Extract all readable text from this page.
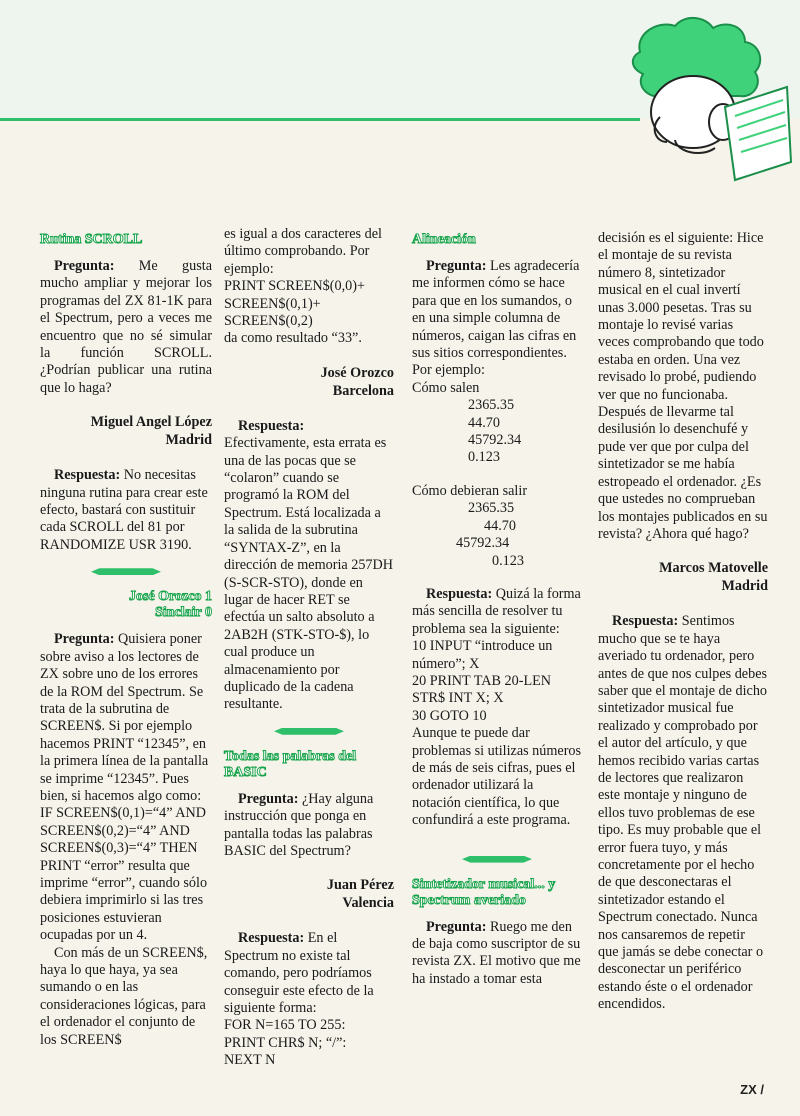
Rutina SCROLL

Pregunta: Me gusta mucho ampliar y mejorar los programas del ZX 81-1K para el Spectrum, pero a veces me encuentro que no sé simular la función SCROLL. ¿Podrían publicar una rutina que lo haga?

Miguel Angel López
Madrid

Respuesta: No necesitas ninguna rutina para crear este efecto, bastará con sustituir cada SCROLL del 81 por RANDOMIZE USR 3190.

José Orozco 1
Sinclair 0

Pregunta: Quisiera poner sobre aviso a los lectores de ZX sobre uno de los errores de la ROM del Spectrum. Se trata de la subrutina de SCREEN$. Si por ejemplo hacemos PRINT “12345”, en la primera línea de la pantalla se imprime “12345”. Pues bien, si hacemos algo como: IF SCREEN$(0,1)=“4” AND SCREEN$(0,2)=“4” AND SCREEN$(0,3)=“4” THEN PRINT “error” resulta que imprime “error”, cuando sólo debiera imprimirlo si las tres posiciones estuvieran ocupadas por un 4.

Con más de un SCREEN$, haya lo que haya, ya sea sumando o en las consideraciones lógicas, para el ordenador el conjunto de los SCREEN$

es igual a dos caracteres del último comprobando. Por ejemplo:

PRINT SCREEN$(0,0)+
SCREEN$(0,1)+
SCREEN$(0,2)

da como resultado “33”.

José Orozco
Barcelona

Respuesta:

Efectivamente, esta errata es una de las pocas que se “colaron” cuando se programó la ROM del Spectrum. Está localizada a la salida de la subrutina “SYNTAX-Z”, en la dirección de memoria 257DH (S-SCR-STO), donde en lugar de hacer RET se efectúa un salto absoluto a 2AB2H (STK-STO-$), lo cual produce un almacenamiento por duplicado de la cadena resultante.

Todas las palabras del BASIC

Pregunta: ¿Hay alguna instrucción que ponga en pantalla todas las palabras BASIC del Spectrum?

Juan Pérez
Valencia

Respuesta: En el Spectrum no existe tal comando, pero podríamos conseguir este efecto de la siguiente forma:

FOR N=165 TO 255:
PRINT CHR$ N; “/”:
NEXT N

Alineación

Pregunta: Les agradecería me informen cómo se hace para que en los sumandos, o en una simple columna de números, caigan las cifras en sus sitios correspondientes. Por ejemplo:

Cómo salen

2365.35
44.70
45792.34
0.123

Cómo debieran salir

2365.35
44.70
45792.34
0.123

Respuesta: Quizá la forma más sencilla de resolver tu problema sea la siguiente:

10 INPUT “introduce un
número”; X
20 PRINT TAB 20-LEN
STR$ INT X; X
30 GOTO 10

Aunque te puede dar problemas si utilizas números de más de seis cifras, pues el ordenador utilizará la notación científica, lo que confundirá a este programa.

Sintetizador musical... y Spectrum averiado

Pregunta: Ruego me den de baja como suscriptor de su revista ZX. El motivo que me ha instado a tomar esta

decisión es el siguiente: Hice el montaje de su revista número 8, sintetizador musical en el cual invertí unas 3.000 pesetas. Tras su montaje lo revisé varias veces comprobando que todo estaba en orden. Una vez revisado lo probé, pudiendo ver que no funcionaba. Después de llevarme tal desilusión lo desenchufé y pude ver que por culpa del sintetizador se me había estropeado el ordenador. ¿Es que ustedes no comprueban los montajes publicados en su revista? ¿Ahora qué hago?

Marcos Matovelle
Madrid

Respuesta: Sentimos mucho que se te haya averiado tu ordenador, pero antes de que nos culpes debes saber que el montaje de dicho sintetizador musical fue realizado y comprobado por el autor del artículo, y que hemos recibido varias cartas de lectores que realizaron este montaje y ninguno de ellos tuvo problemas de ese tipo. Es muy probable que el error fuera tuyo, y más concretamente por el hecho de que desconectaras el sintetizador estando el Spectrum conectado. Nunca nos cansaremos de repetir que jamás se debe conectar o desconectar un periférico estando éste o el ordenador encendidos.

ZX /
